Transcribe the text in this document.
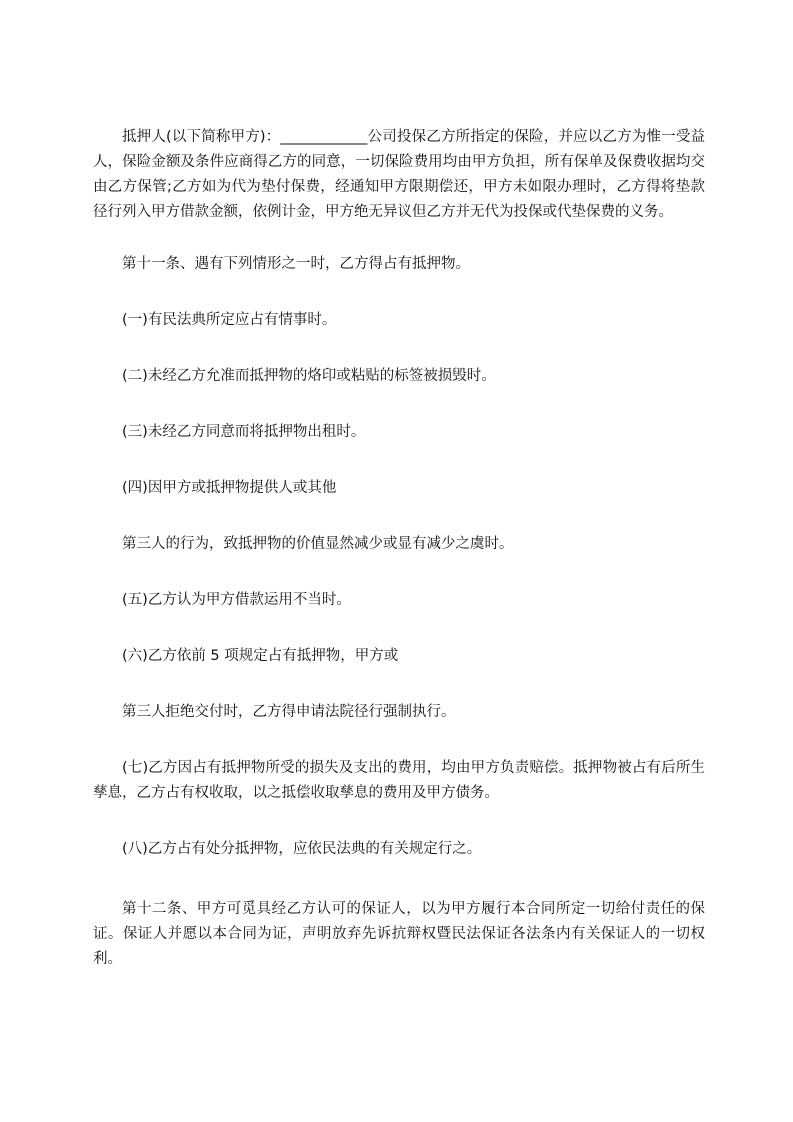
抵押人(以下简称甲方)：____________公司投保乙方所指定的保险，并应以乙方为惟一受益人，保险金额及条件应商得乙方的同意，一切保险费用均由甲方负担，所有保单及保费收据均交由乙方保管;乙方如为代为垫付保费，经通知甲方限期偿还，甲方未如限办理时，乙方得将垫款径行列入甲方借款金额，依例计金，甲方绝无异议但乙方并无代为投保或代垫保费的义务。

第十一条、遇有下列情形之一时，乙方得占有抵押物。

(一)有民法典所定应占有情事时。

(二)未经乙方允准而抵押物的烙印或粘贴的标签被损毁时。

(三)未经乙方同意而将抵押物出租时。

(四)因甲方或抵押物提供人或其他

第三人的行为，致抵押物的价值显然减少或显有减少之虞时。

(五)乙方认为甲方借款运用不当时。

(六)乙方依前 5 项规定占有抵押物，甲方或

第三人拒绝交付时，乙方得申请法院径行强制执行。

(七)乙方因占有抵押物所受的损失及支出的费用，均由甲方负责赔偿。抵押物被占有后所生孳息，乙方占有权收取，以之抵偿收取孳息的费用及甲方债务。

(八)乙方占有处分抵押物，应依民法典的有关规定行之。

第十二条、甲方可觅具经乙方认可的保证人，以为甲方履行本合同所定一切给付责任的保证。保证人并愿以本合同为证，声明放弃先诉抗辩权暨民法保证各法条内有关保证人的一切权利。
